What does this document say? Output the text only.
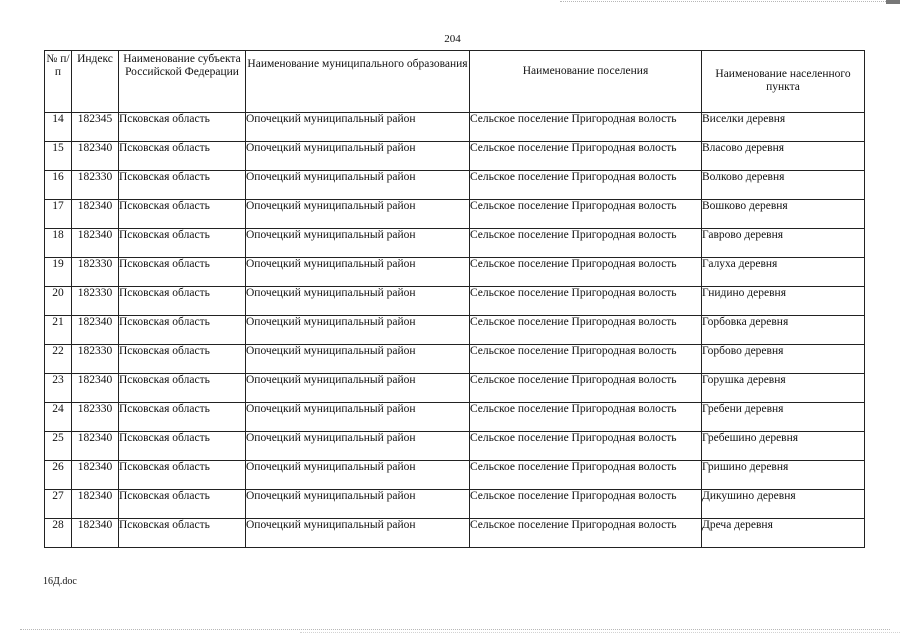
204
№ п/п	Индекс	Наименование субъекта Российской Федерации	Наименование муниципального образования	Наименование поселения	Наименование населенного пункта
14	182345	Псковская область	Опочецкий муниципальный район	Сельское поселение Пригородная волость	Виселки деревня
15	182340	Псковская область	Опочецкий муниципальный район	Сельское поселение Пригородная волость	Власово деревня
16	182330	Псковская область	Опочецкий муниципальный район	Сельское поселение Пригородная волость	Волково деревня
17	182340	Псковская область	Опочецкий муниципальный район	Сельское поселение Пригородная волость	Вошково деревня
18	182340	Псковская область	Опочецкий муниципальный район	Сельское поселение Пригородная волость	Гаврово деревня
19	182330	Псковская область	Опочецкий муниципальный район	Сельское поселение Пригородная волость	Галуха деревня
20	182330	Псковская область	Опочецкий муниципальный район	Сельское поселение Пригородная волость	Гнидино деревня
21	182340	Псковская область	Опочецкий муниципальный район	Сельское поселение Пригородная волость	Горбовка деревня
22	182330	Псковская область	Опочецкий муниципальный район	Сельское поселение Пригородная волость	Горбово деревня
23	182340	Псковская область	Опочецкий муниципальный район	Сельское поселение Пригородная волость	Горушка деревня
24	182330	Псковская область	Опочецкий муниципальный район	Сельское поселение Пригородная волость	Гребени деревня
25	182340	Псковская область	Опочецкий муниципальный район	Сельское поселение Пригородная волость	Гребешино деревня
26	182340	Псковская область	Опочецкий муниципальный район	Сельское поселение Пригородная волость	Гришино деревня
27	182340	Псковская область	Опочецкий муниципальный район	Сельское поселение Пригородная волость	Дикушино деревня
28	182340	Псковская область	Опочецкий муниципальный район	Сельское поселение Пригородная волость	Дреча деревня
16Д.doc
